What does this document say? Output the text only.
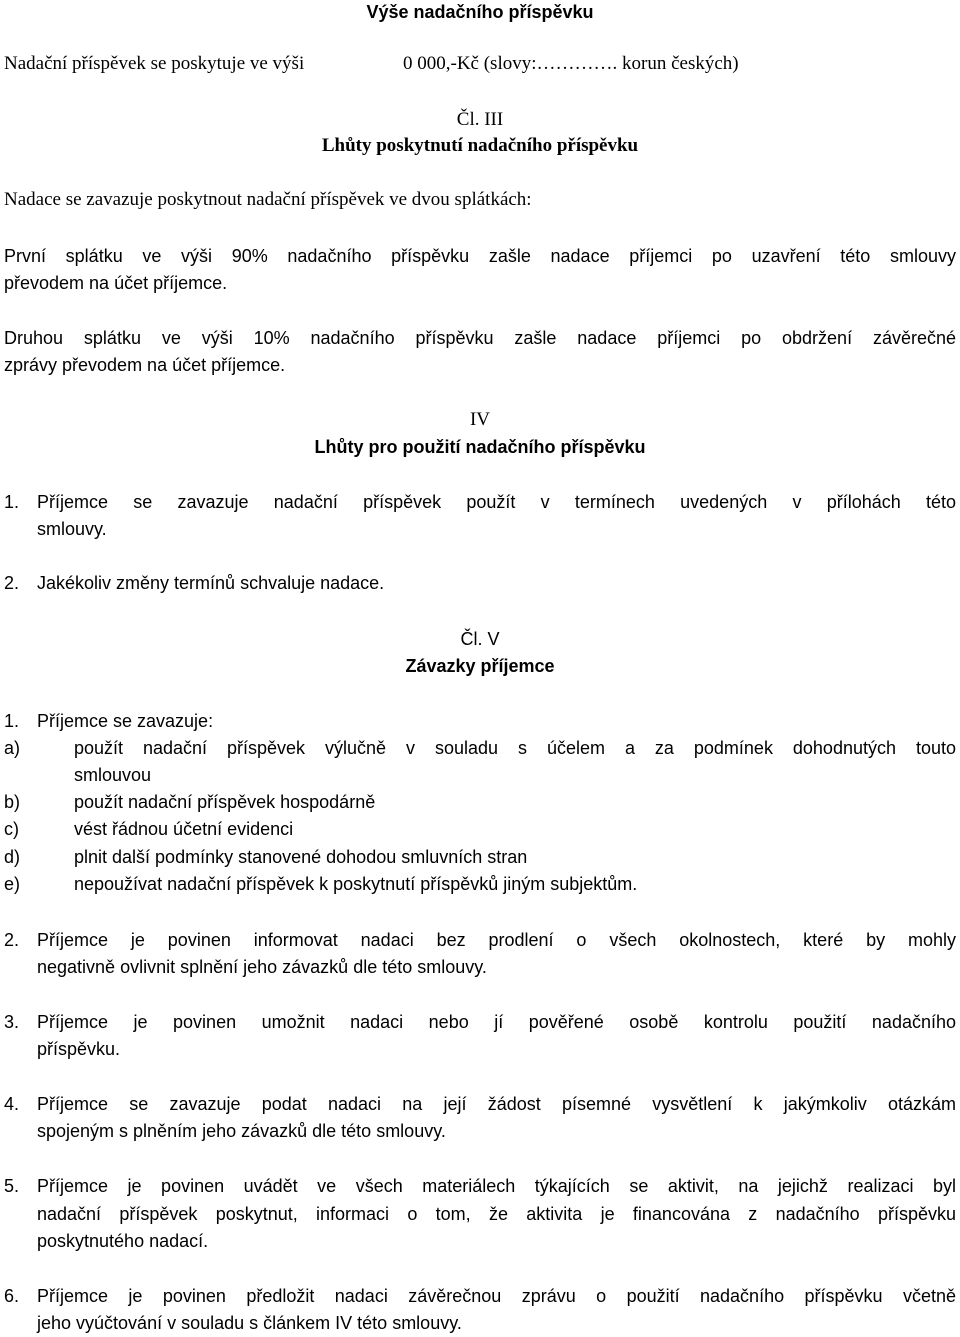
Výše nadačního příspěvku
Nadační příspěvek se poskytuje ve výši	0 000,-Kč (slovy:…………. korun českých)
Čl. III
Lhůty poskytnutí nadačního příspěvku
Nadace se zavazuje poskytnout nadační příspěvek ve dvou splátkách:
První splátku ve výši 90% nadačního příspěvku zašle nadace příjemci po uzavření této smlouvy
převodem na účet příjemce.
Druhou splátku ve výši 10% nadačního příspěvku zašle nadace příjemci po obdržení závěrečné
zprávy převodem na účet příjemce.
IV
Lhůty pro použití nadačního příspěvku
1. Příjemce se zavazuje nadační příspěvek použít v termínech uvedených v přílohách této
smlouvy.
2. Jakékoliv změny termínů schvaluje nadace.
Čl. V
Závazky příjemce
1. Příjemce se zavazuje:
a)	použít nadační příspěvek výlučně v souladu s účelem a za podmínek dohodnutých touto
smlouvou
b)	použít nadační příspěvek hospodárně
c)	vést řádnou účetní evidenci
d)	plnit další podmínky stanovené dohodou smluvních stran
e)	nepoužívat nadační příspěvek k poskytnutí příspěvků jiným subjektům.
2. Příjemce je povinen informovat nadaci bez prodlení o všech okolnostech, které by mohly
negativně ovlivnit splnění jeho závazků dle této smlouvy.
3. Příjemce je povinen umožnit nadaci nebo jí pověřené osobě kontrolu použití nadačního
příspěvku.
4. Příjemce se zavazuje podat nadaci na její žádost písemné vysvětlení k jakýmkoliv otázkám
spojeným s plněním jeho závazků dle této smlouvy.
5. Příjemce je povinen uvádět ve všech materiálech týkajících se aktivit, na jejichž realizaci byl
nadační příspěvek poskytnut, informaci o tom, že aktivita je financována z nadačního příspěvku
poskytnutého nadací.
6. Příjemce je povinen předložit nadaci závěrečnou zprávu o použití nadačního příspěvku včetně
jeho vyúčtování v souladu s článkem IV této smlouvy.
